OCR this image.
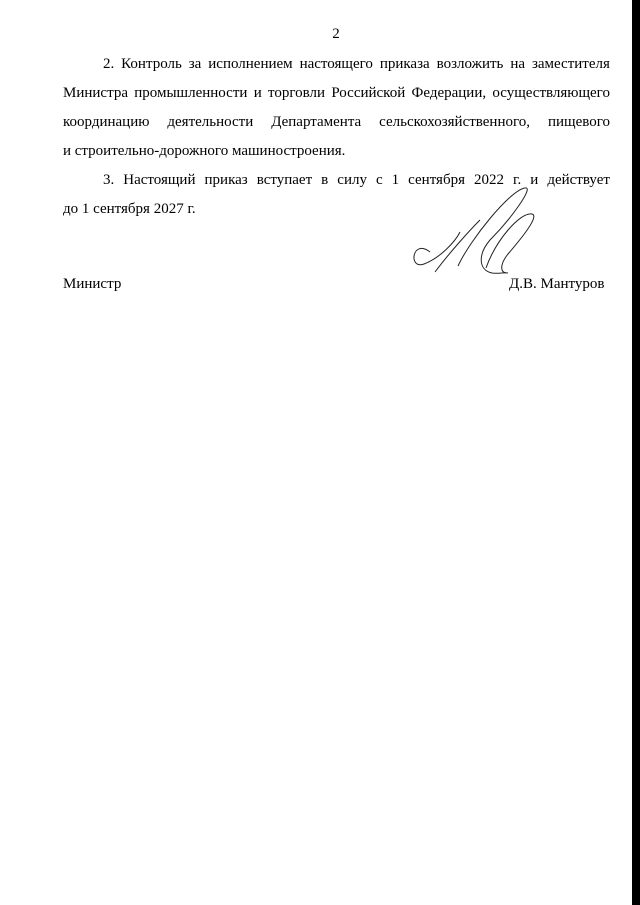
2
2. Контроль за исполнением настоящего приказа возложить на заместителя
Министра промышленности и торговли Российской Федерации, осуществляющего
координацию деятельности Департамента сельскохозяйственного, пищевого
и строительно-дорожного машиностроения.
3. Настоящий приказ вступает в силу с 1 сентября 2022 г. и действует
до 1 сентября 2027 г.
Министр	Д.В. Мантуров
